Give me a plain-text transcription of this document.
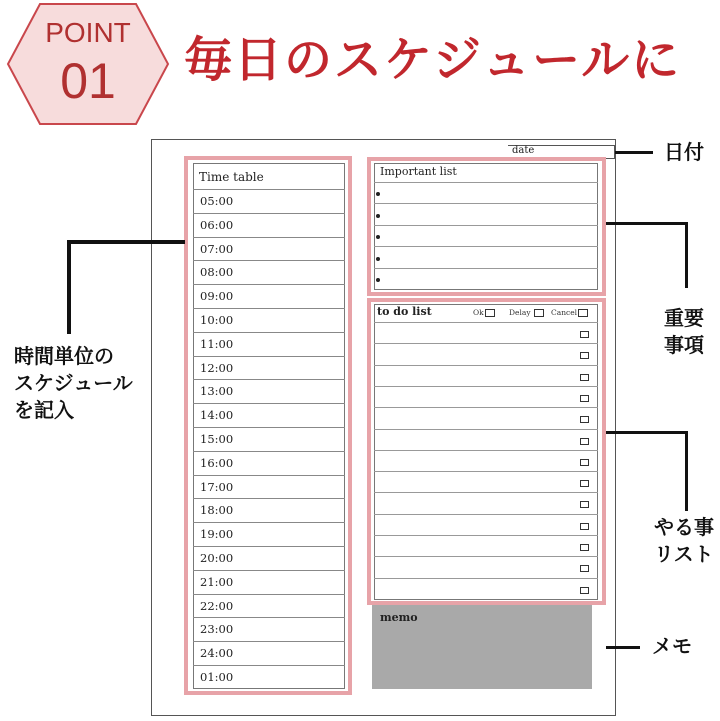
POINT
01 毎日のスケジュールに
date
Time table
05:00
06:00
07:00
08:00
09:00
10:00
11:00
12:00
13:00
14:00
15:00
16:00
17:00
18:00
19:00
20:00
21:00
22:00
23:00
24:00
01:00
Important list
to do list	Ok	Delay	Cancel
memo
日付
時間単位の
スケジュール
を記入
重要
事項
やる事
リスト
メモ
